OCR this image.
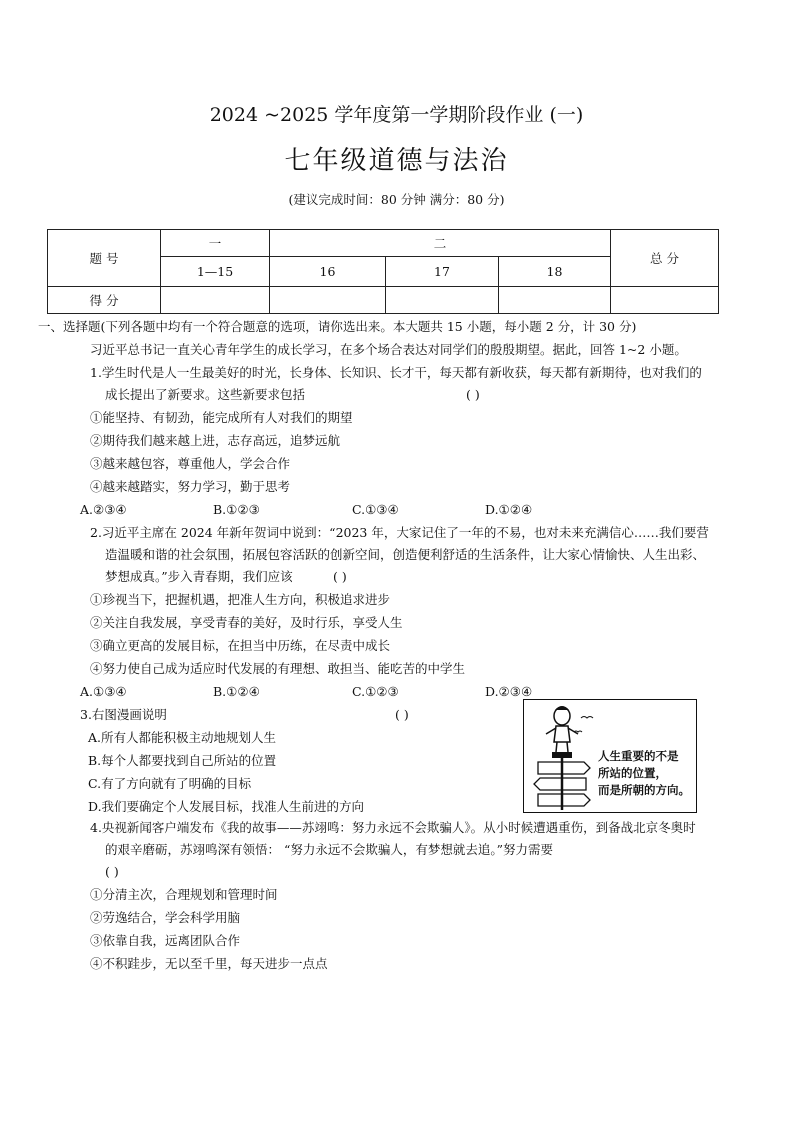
2024 ~2025 学年度第一学期阶段作业 (一)
七年级道德与法治
(建议完成时间：80 分钟 满分：80 分)
题 号	一	二			总 分
	1—15	16	17	18	
得 分					
一、选择题(下列各题中均有一个符合题意的选项，请你选出来。本大题共 15 小题，每小题 2 分，计 30 分)
习近平总书记一直关心青年学生的成长学习，在多个场合表达对同学们的殷殷期望。据此，回答 1~2 小题。
1.学生时代是人一生最美好的时光，长身体、长知识、长才干，每天都有新收获，每天都有新期待，也对我们的
成长提出了新要求。这些新要求包括	( )
①能坚持、有韧劲，能完成所有人对我们的期望
②期待我们越来越上进，志存高远，追梦远航
③越来越包容，尊重他人，学会合作
④越来越踏实，努力学习，勤于思考
A.②③④	B.①②③	C.①③④	D.①②④
2.习近平主席在 2024 年新年贺词中说到：“2023 年，大家记住了一年的不易，也对未来充满信心……我们要营
造温暖和谐的社会氛围，拓展包容活跃的创新空间，创造便利舒适的生活条件，让大家心情愉快、人生出彩、
梦想成真。”步入青春期，我们应该	( )
①珍视当下，把握机遇，把准人生方向，积极追求进步
②关注自我发展，享受青春的美好，及时行乐，享受人生
③确立更高的发展目标，在担当中历练，在尽责中成长
④努力使自己成为适应时代发展的有理想、敢担当、能吃苦的中学生
A.①③④	B.①②④	C.①②③	D.②③④
3.右图漫画说明	( )
A.所有人都能积极主动地规划人生
B.每个人都要找到自己所站的位置
C.有了方向就有了明确的目标
D.我们要确定个人发展目标，找准人生前进的方向
人生重要的不是
所站的位置，
而是所朝的方向。
4.央视新闻客户端发布《我的故事——苏翊鸣：努力永远不会欺骗人》。从小时候遭遇重伤，到备战北京冬奥时
的艰辛磨砺，苏翊鸣深有领悟： “努力永远不会欺骗人，有梦想就去追。”努力需要
( )
①分清主次，合理规划和管理时间
②劳逸结合，学会科学用脑
③依靠自我，远离团队合作
④不积跬步，无以至千里，每天进步一点点
